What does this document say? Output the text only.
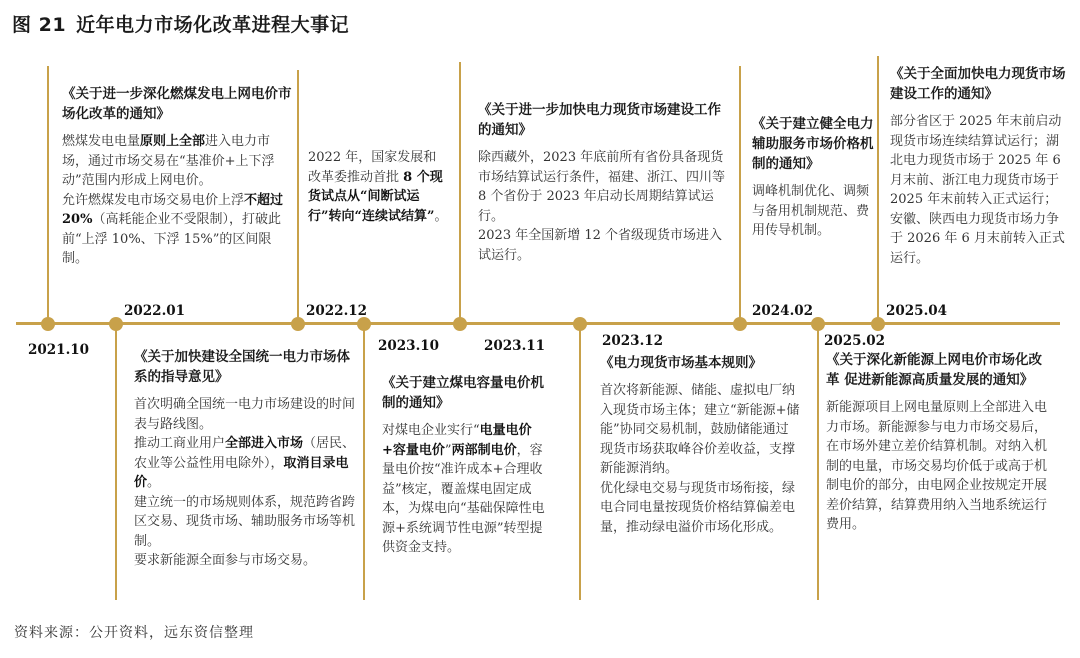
图 21 近年电力市场化改革进程大事记
《关于进一步深化燃煤发电上网电价市场化改革的通知》

燃煤发电电量原则上全部进入电力市场，通过市场交易在“基准价+上下浮动”范围内形成上网电价。

允许燃煤发电市场交易电价上浮不超过20%（高耗能企业不受限制），打破此前“上浮 10%、下浮 15%”的区间限制。

2021.10	《关于加快建设全国统一电力市场体系的指导意见》

首次明确全国统一电力市场建设的时间表与路线图。

推动工商业用户全部进入市场（居民、农业等公益性用电除外），取消目录电价。

建立统一的市场规则体系，规范跨省跨区交易、现货市场、辅助服务市场等机制。

要求新能源全面参与市场交易。

2022.01

2022 年，国家发展和改革委推动首批 8 个现货试点从“间断试运行”转向“连续试结算”。

2022.12
《关于建立煤电容量电价机制的通知》

对煤电企业实行“电量电价+容量电价”两部制电价，容量电价按“准许成本+合理收益”核定，覆盖煤电固定成本，为煤电向“基础保障性电源+系统调节性电源”转型提供资金支持。

2023.10
《关于进一步加快电力现货市场建设工作的通知》

除西藏外，2023 年底前所有省份具备现货市场结算试运行条件，福建、浙江、四川等 8 个省份于 2023 年启动长周期结算试运行。

2023 年全国新增 12 个省级现货市场进入试运行。

2023.11
《电力现货市场基本规则》

首次将新能源、储能、虚拟电厂纳入现货市场主体；建立“新能源+储能”协同交易机制，鼓励储能通过现货市场获取峰谷价差收益，支撑新能源消纳。

优化绿电交易与现货市场衔接，绿电合同电量按现货价格结算偏差电量，推动绿电溢价市场化形成。

2023.12
《关于建立健全电力辅助服务市场价格机制的通知》

调峰机制优化、调频与备用机制规范、费用传导机制。

2024.02
《关于深化新能源上网电价市场化改革 促进新能源高质量发展的通知》

新能源项目上网电量原则上全部进入电力市场。新能源参与电力市场交易后，在市场外建立差价结算机制。对纳入机制的电量，市场交易均价低于或高于机制电价的部分，由电网企业按规定开展差价结算，结算费用纳入当地系统运行费用。

2025.02
《关于全面加快电力现货市场建设工作的通知》

部分省区于 2025 年末前启动现货市场连续结算试运行；湖北电力现货市场于 2025 年 6 月末前、浙江电力现货市场于 2025 年末前转入正式运行；安徽、陕西电力现货市场力争于 2026 年 6 月末前转入正式运行。

2025.04
资料来源：公开资料，远东资信整理
